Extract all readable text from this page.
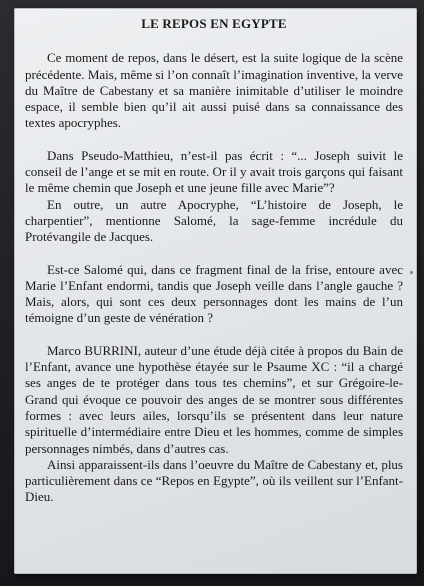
LE REPOS EN EGYPTE

Ce moment de repos, dans le désert, est la suite logique de la scène précédente. Mais, même si l’on connaît l’imagination inventive, la verve du Maître de Cabestany et sa manière inimitable d’utiliser le moindre espace, il semble bien qu’il ait aussi puisé dans sa connaissance des textes apocryphes.

Dans Pseudo-Matthieu, n’est-il pas écrit : “... Joseph suivit le conseil de l’ange et se mit en route. Or il y avait trois garçons qui faisant le même chemin que Joseph et une jeune fille avec Marie”?

En outre, un autre Apocryphe, “L’histoire de Joseph, le charpentier”, mentionne Salomé, la sage-femme incrédule du Protévangile de Jacques.

Est-ce Salomé qui, dans ce fragment final de la frise, entoure avec Marie l’Enfant endormi, tandis que Joseph veille dans l’angle gauche ? Mais, alors, qui sont ces deux personnages dont les mains de l’un témoigne d’un geste de vénération ?

Marco BURRINI, auteur d’une étude déjà citée à propos du Bain de l’Enfant, avance une hypothèse étayée sur le Psaume XC : “il a chargé ses anges de te protéger dans tous tes chemins”, et sur Grégoire-le-Grand qui évoque ce pouvoir des anges de se montrer sous différentes formes : avec leurs ailes, lorsqu’ils se présentent dans leur nature spirituelle d’intermédiaire entre Dieu et les hommes, comme de simples personnages nimbés, dans d’autres cas.

Ainsi apparaissent-ils dans l’oeuvre du Maître de Cabestany et, plus particulièrement dans ce “Repos en Egypte”, où ils veillent sur l’Enfant-Dieu.
